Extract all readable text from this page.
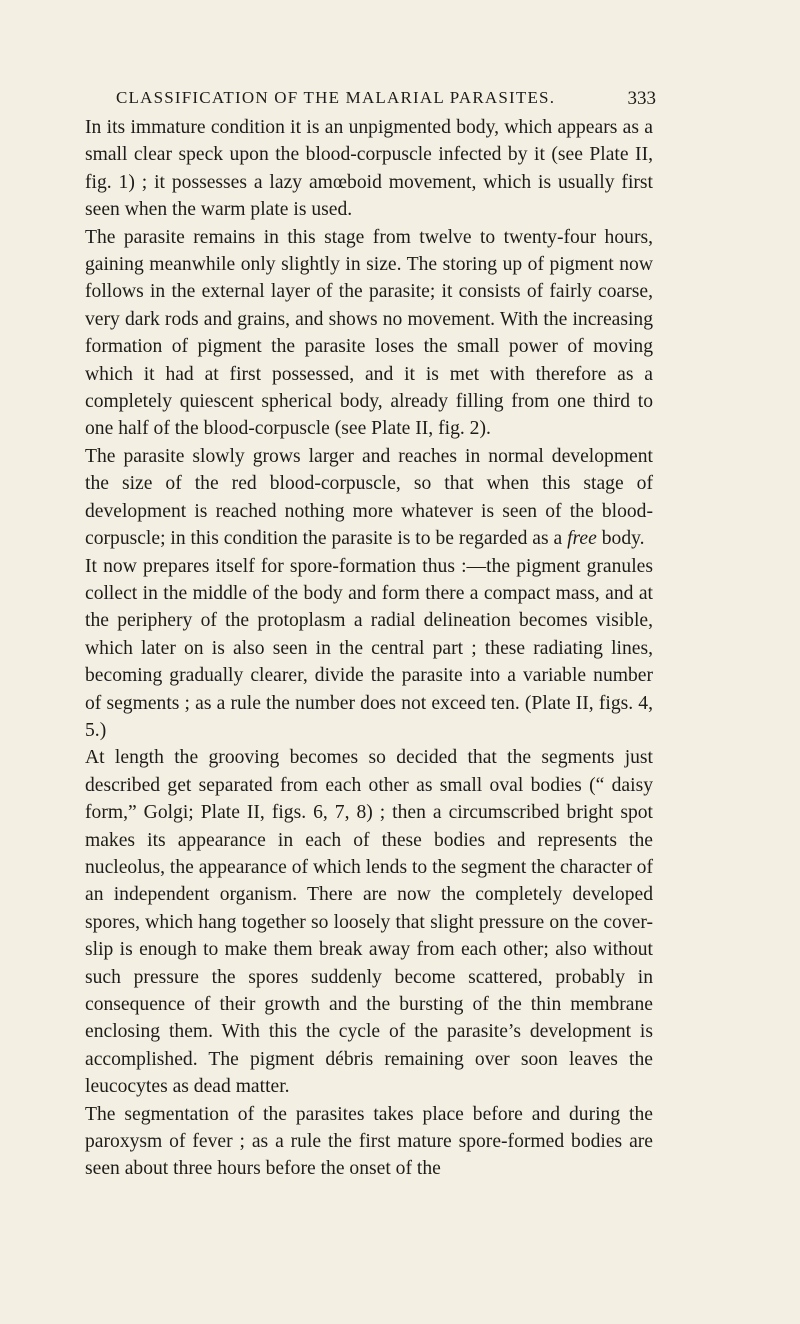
CLASSIFICATION OF THE MALARIAL PARASITES.	333

In its immature condition it is an unpigmented body, which appears as a small clear speck upon the blood-corpuscle infected by it (see Plate II, fig. 1) ; it possesses a lazy amœboid movement, which is usually first seen when the warm plate is used.

The parasite remains in this stage from twelve to twenty-four hours, gaining meanwhile only slightly in size. The storing up of pigment now follows in the external layer of the parasite; it consists of fairly coarse, very dark rods and grains, and shows no movement. With the increasing formation of pigment the parasite loses the small power of moving which it had at first possessed, and it is met with therefore as a completely quiescent spherical body, already filling from one third to one half of the blood-corpuscle (see Plate II, fig. 2).

The parasite slowly grows larger and reaches in normal development the size of the red blood-corpuscle, so that when this stage of development is reached nothing more whatever is seen of the blood-corpuscle; in this condition the parasite is to be regarded as a free body.

It now prepares itself for spore-formation thus :—the pigment granules collect in the middle of the body and form there a compact mass, and at the periphery of the protoplasm a radial delineation becomes visible, which later on is also seen in the central part ; these radiating lines, becoming gradually clearer, divide the parasite into a variable number of segments ; as a rule the number does not exceed ten. (Plate II, figs. 4, 5.)

At length the grooving becomes so decided that the segments just described get separated from each other as small oval bodies (“ daisy form,” Golgi; Plate II, figs. 6, 7, 8) ; then a circumscribed bright spot makes its appearance in each of these bodies and represents the nucleolus, the appearance of which lends to the segment the character of an independent organism. There are now the completely developed spores, which hang together so loosely that slight pressure on the cover-slip is enough to make them break away from each other; also without such pressure the spores suddenly become scattered, probably in consequence of their growth and the bursting of the thin membrane enclosing them. With this the cycle of the parasite’s development is accomplished. The pigment débris remaining over soon leaves the leucocytes as dead matter.

The segmentation of the parasites takes place before and during the paroxysm of fever ; as a rule the first mature spore-formed bodies are seen about three hours before the onset of the
